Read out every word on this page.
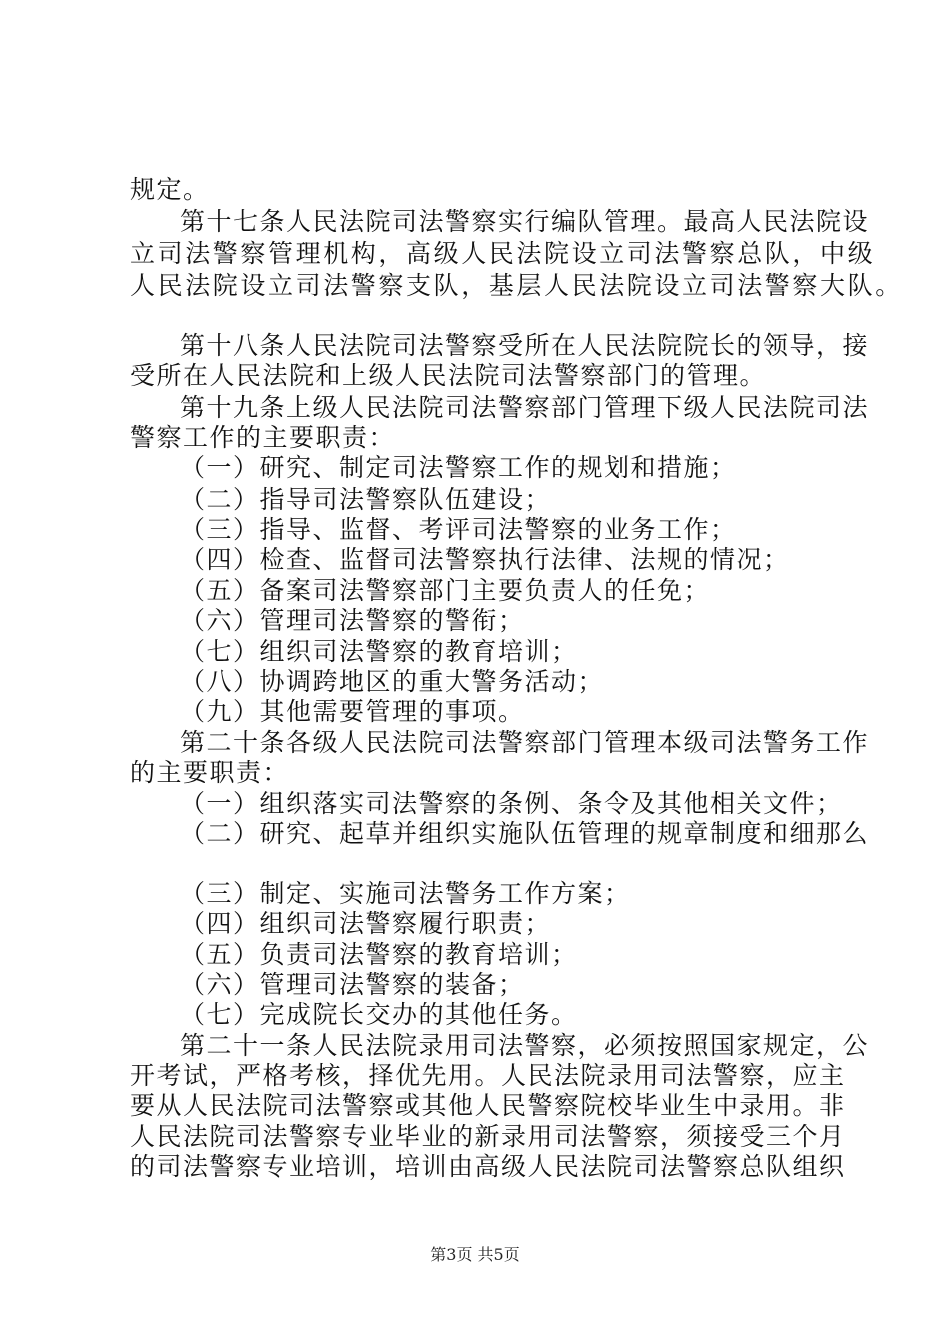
规定。
第十七条人民法院司法警察实行编队管理。最高人民法院设
立司法警察管理机构，高级人民法院设立司法警察总队，中级
人民法院设立司法警察支队，基层人民法院设立司法警察大队。
第十八条人民法院司法警察受所在人民法院院长的领导，接
受所在人民法院和上级人民法院司法警察部门的管理。
第十九条上级人民法院司法警察部门管理下级人民法院司法
警察工作的主要职责：
（一）研究、制定司法警察工作的规划和措施；
（二）指导司法警察队伍建设；
（三）指导、监督、考评司法警察的业务工作；
（四）检查、监督司法警察执行法律、法规的情况；
（五）备案司法警察部门主要负责人的任免；
（六）管理司法警察的警衔；
（七）组织司法警察的教育培训；
（八）协调跨地区的重大警务活动；
（九）其他需要管理的事项。
第二十条各级人民法院司法警察部门管理本级司法警务工作
的主要职责：
（一）组织落实司法警察的条例、条令及其他相关文件；
（二）研究、起草并组织实施队伍管理的规章制度和细那么
（三）制定、实施司法警务工作方案；
（四）组织司法警察履行职责；
（五）负责司法警察的教育培训；
（六）管理司法警察的装备；
（七）完成院长交办的其他任务。
第二十一条人民法院录用司法警察，必须按照国家规定，公
开考试，严格考核，择优先用。人民法院录用司法警察，应主
要从人民法院司法警察或其他人民警察院校毕业生中录用。非
人民法院司法警察专业毕业的新录用司法警察，须接受三个月
的司法警察专业培训，培训由高级人民法院司法警察总队组织
第3页 共5页
